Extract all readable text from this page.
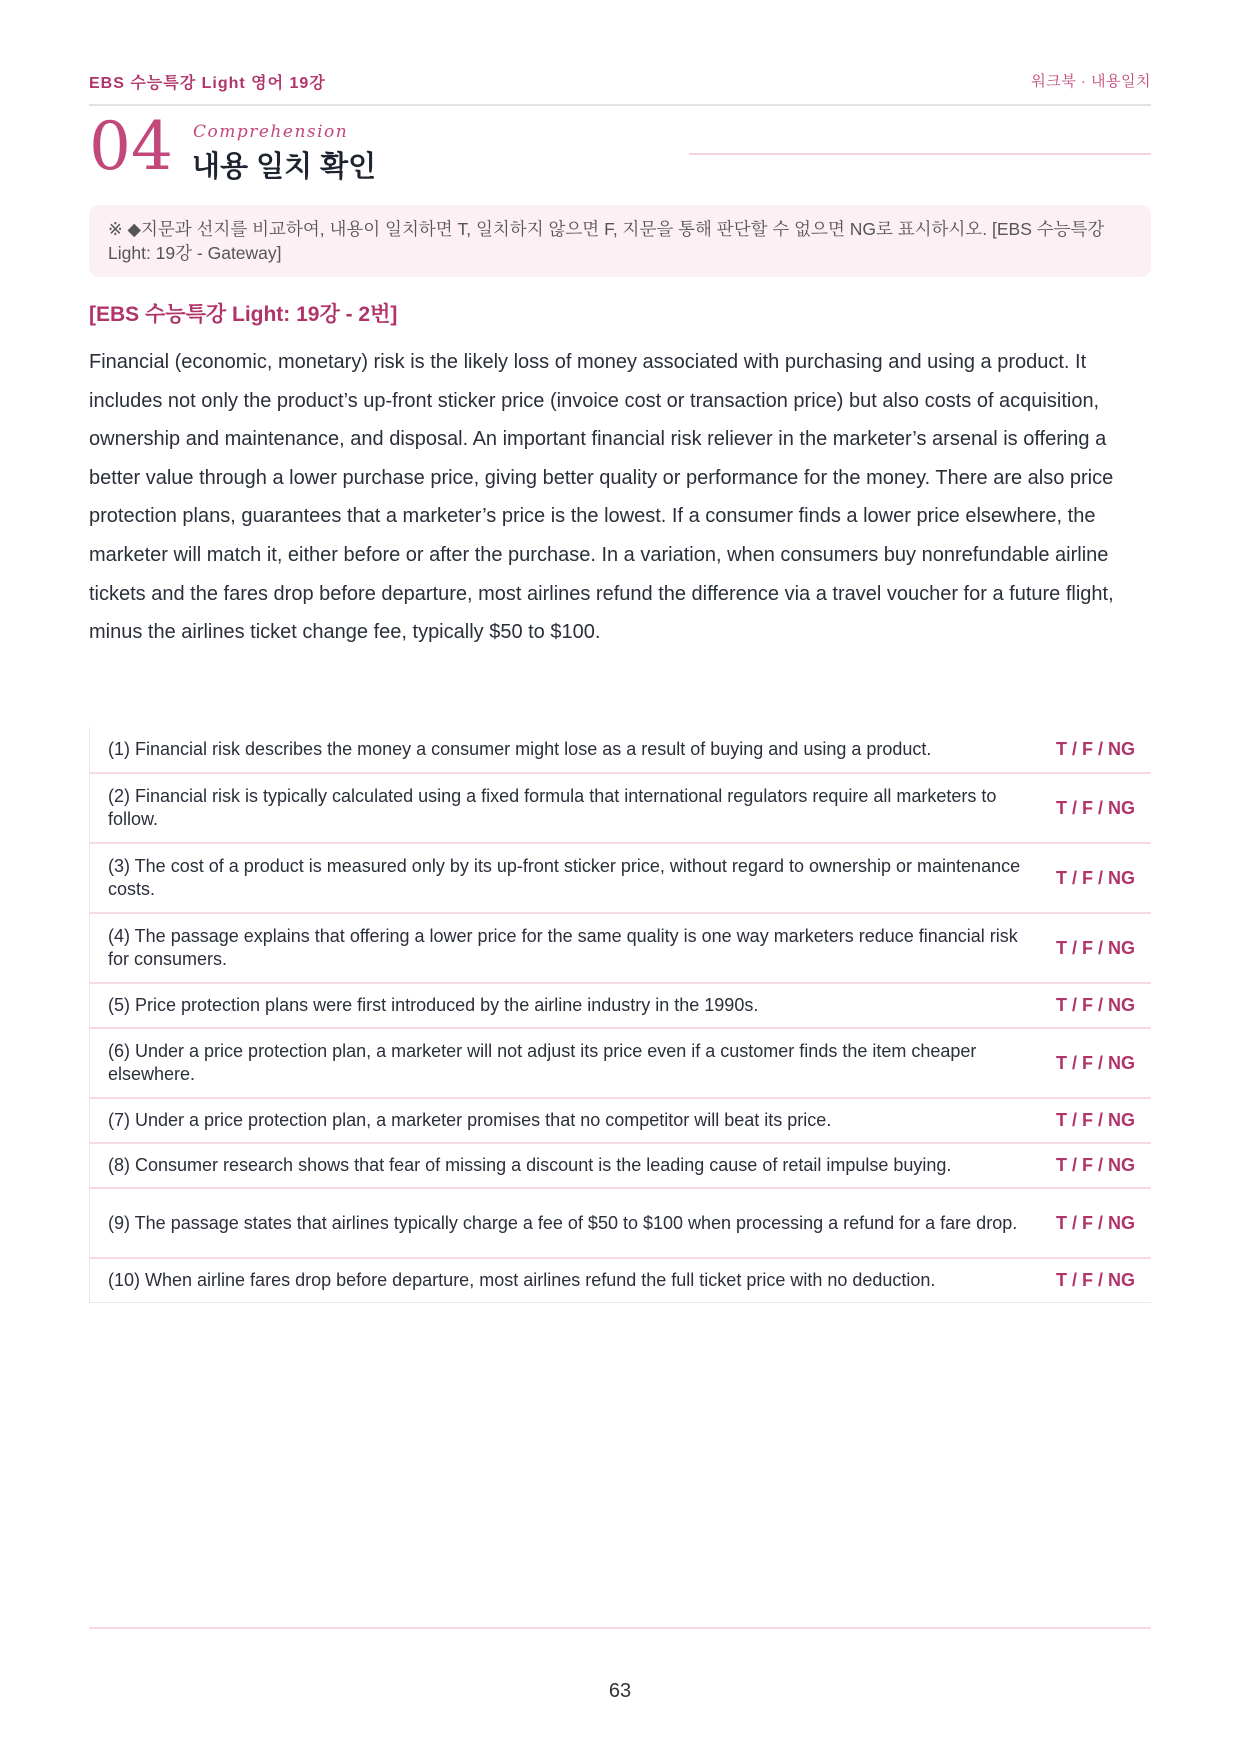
EBS 수능특강 Light 영어 19강	워크북 · 내용일치
04 Comprehension
내용 일치 확인
※ ◆지문과 선지를 비교하여, 내용이 일치하면 T, 일치하지 않으면 F, 지문을 통해 판단할 수 없으면 NG로 표시하시오. [EBS 수능특강 Light: 19강 - Gateway]
[EBS 수능특강 Light: 19강 - 2번]
Financial (economic, monetary) risk is the likely loss of money associated with purchasing and using a product. It includes not only the product’s up-front sticker price (invoice cost or transaction price) but also costs of acquisition, ownership and maintenance, and disposal. An important financial risk reliever in the marketer’s arsenal is offering a better value through a lower purchase price, giving better quality or performance for the money. There are also price protection plans, guarantees that a marketer’s price is the lowest. If a consumer finds a lower price elsewhere, the marketer will match it, either before or after the purchase. In a variation, when consumers buy nonrefundable airline tickets and the fares drop before departure, most airlines refund the difference via a travel voucher for a future flight, minus the airlines ticket change fee, typically $50 to $100.
(1) Financial risk describes the money a consumer might lose as a result of buying and using a product.	T / F / NG
(2) Financial risk is typically calculated using a fixed formula that international regulators require all marketers to follow.
T / F / NG
(3) The cost of a product is measured only by its up-front sticker price, without regard to ownership or maintenance costs.
T / F / NG
(4) The passage explains that offering a lower price for the same quality is one way marketers reduce financial risk for consumers.
T / F / NG
(5) Price protection plans were first introduced by the airline industry in the 1990s.	T / F / NG
(6) Under a price protection plan, a marketer will not adjust its price even if a customer finds the item cheaper elsewhere.
T / F / NG
(7) Under a price protection plan, a marketer promises that no competitor will beat its price.	T / F / NG
(8) Consumer research shows that fear of missing a discount is the leading cause of retail impulse buying.	T / F / NG
(9) The passage states that airlines typically charge a fee of $50 to $100 when processing a refund for a fare drop.	T / F / NG
(10) When airline fares drop before departure, most airlines refund the full ticket price with no deduction.	T / F / NG
63
